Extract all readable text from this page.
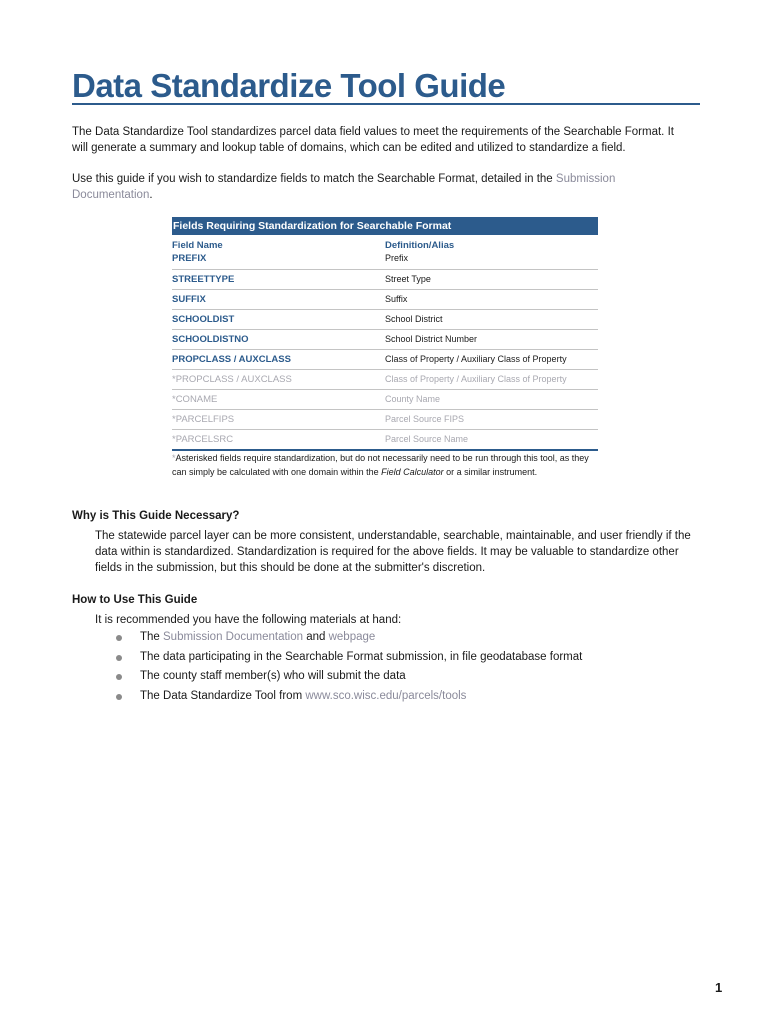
Data Standardize Tool Guide

The Data Standardize Tool standardizes parcel data field values to meet the requirements of the Searchable Format. It will generate a summary and lookup table of domains, which can be edited and utilized to standardize a field.

Use this guide if you wish to standardize fields to match the Searchable Format, detailed in the Submission Documentation.

Fields Requiring Standardization for Searchable Format
Field Name	Definition/Alias
PREFIX	Prefix
STREETTYPE	Street Type
SUFFIX	Suffix
SCHOOLDIST	School District
SCHOOLDISTNO	School District Number
PROPCLASS / AUXCLASS	Class of Property / Auxiliary Class of Property
*PROPCLASS / AUXCLASS	Class of Property / Auxiliary Class of Property
*CONAME	County Name
*PARCELFIPS	Parcel Source FIPS
*PARCELSRC	Parcel Source Name

*Asterisked fields require standardization, but do not necessarily need to be run through this tool, as they can simply be calculated with one domain within the Field Calculator or a similar instrument.

Why is This Guide Necessary?

The statewide parcel layer can be more consistent, understandable, searchable, maintainable, and user friendly if the data within is standardized. Standardization is required for the above fields. It may be valuable to standardize other fields in the submission, but this should be done at the submitter's discretion.

How to Use This Guide

It is recommended you have the following materials at hand:

The Submission Documentation and webpage
The data participating in the Searchable Format submission, in file geodatabase format
The county staff member(s) who will submit the data
The Data Standardize Tool from www.sco.wisc.edu/parcels/tools
1
